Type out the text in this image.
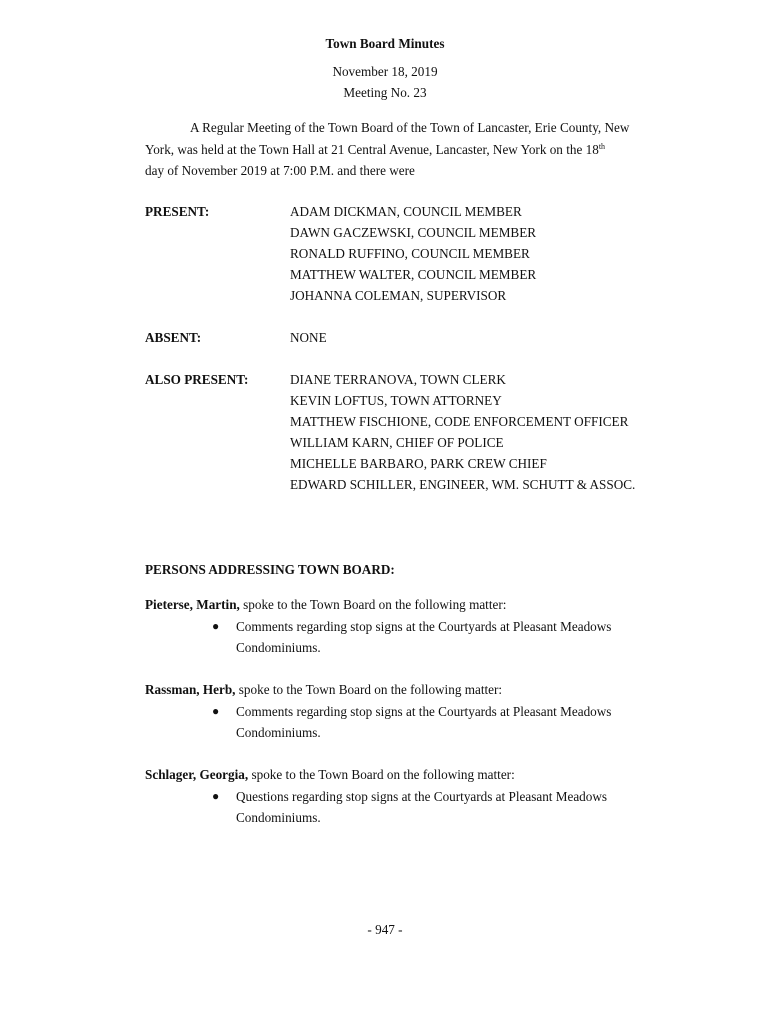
Town Board Minutes
November 18, 2019
Meeting No. 23
A Regular Meeting of the Town Board of the Town of Lancaster, Erie County, New
York, was held at the Town Hall at 21 Central Avenue, Lancaster, New York on the 18th
day of November 2019 at 7:00 P.M. and there were
PRESENT:	ADAM DICKMAN, COUNCIL MEMBER
DAWN GACZEWSKI, COUNCIL MEMBER
RONALD RUFFINO, COUNCIL MEMBER
MATTHEW WALTER, COUNCIL MEMBER
JOHANNA COLEMAN, SUPERVISOR
ABSENT:	NONE
ALSO PRESENT:	DIANE TERRANOVA, TOWN CLERK
KEVIN LOFTUS, TOWN ATTORNEY
MATTHEW FISCHIONE, CODE ENFORCEMENT OFFICER
WILLIAM KARN, CHIEF OF POLICE
MICHELLE BARBARO, PARK CREW CHIEF
EDWARD SCHILLER, ENGINEER, WM. SCHUTT & ASSOC.
PERSONS ADDRESSING TOWN BOARD:
Pieterse, Martin, spoke to the Town Board on the following matter:
● Comments regarding stop signs at the Courtyards at Pleasant Meadows
Condominiums.
Rassman, Herb, spoke to the Town Board on the following matter:
● Comments regarding stop signs at the Courtyards at Pleasant Meadows
Condominiums.
Schlager, Georgia, spoke to the Town Board on the following matter:
● Questions regarding stop signs at the Courtyards at Pleasant Meadows
Condominiums.
- 947 -
